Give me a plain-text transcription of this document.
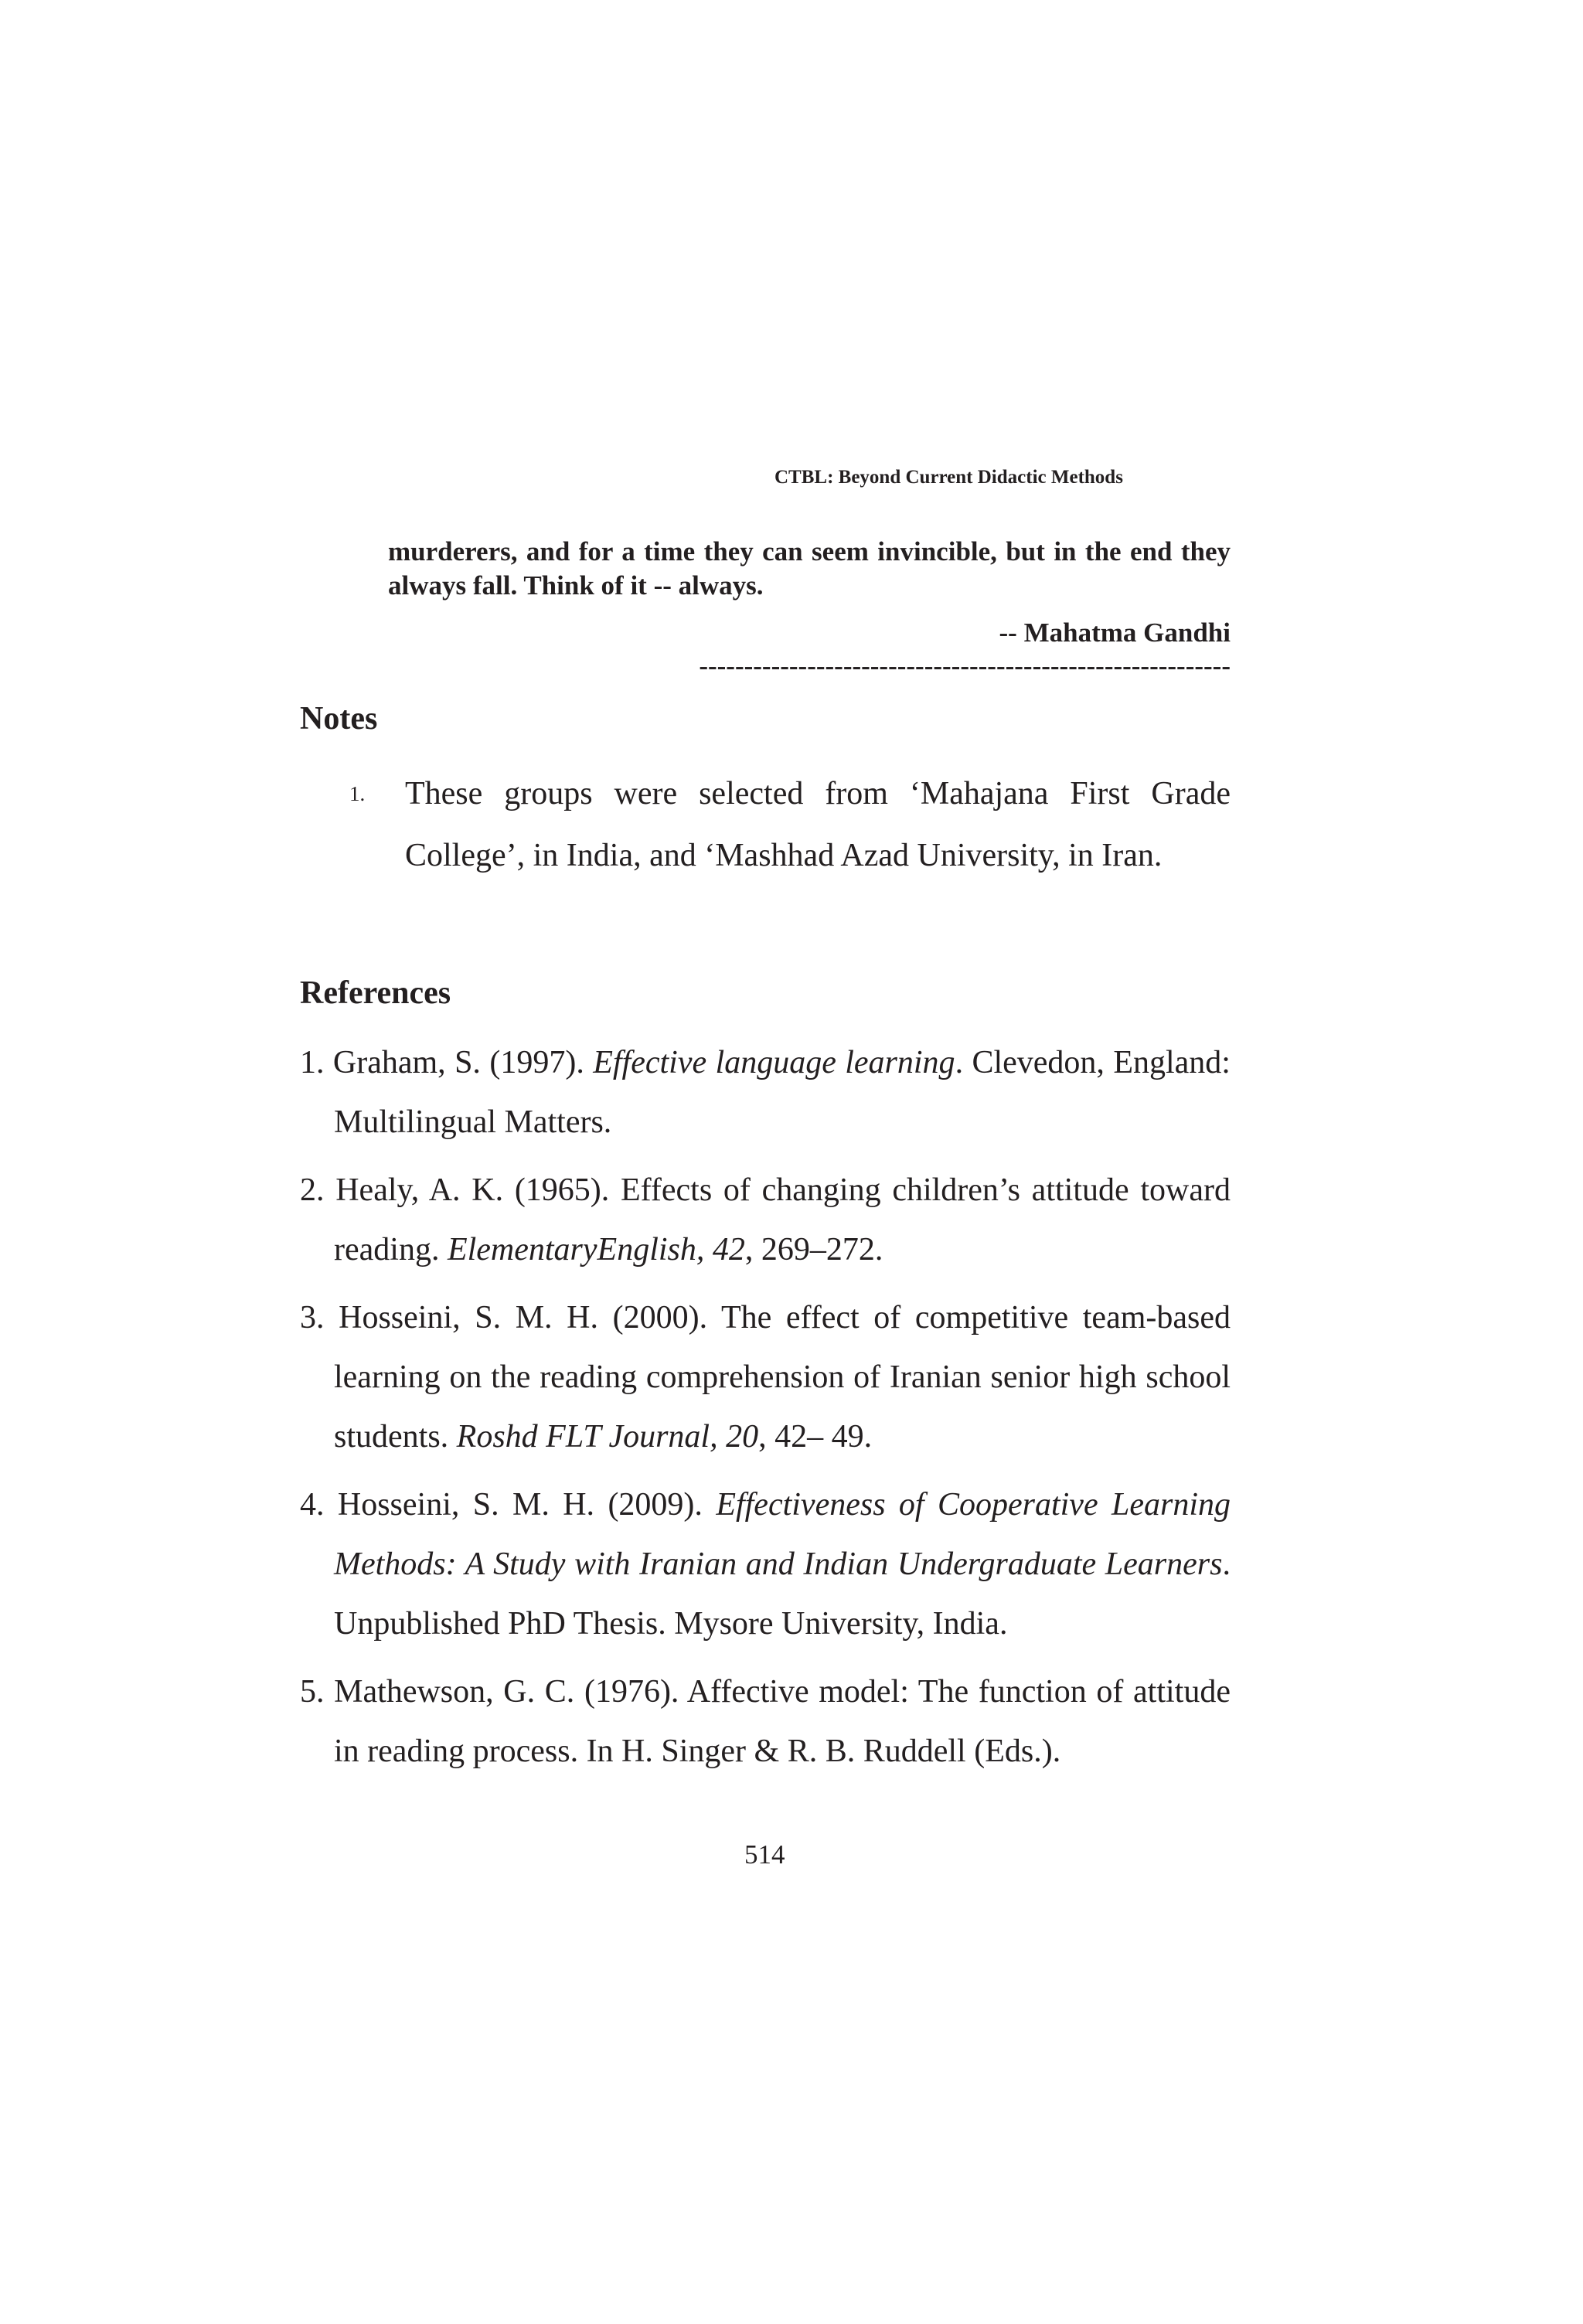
CTBL: Beyond Current Didactic Methods

murderers, and for a time they can seem invincible, but in the end they always fall. Think of it -- always.

-- Mahatma Gandhi

-----------------------------------------------------------

Notes
1.	These groups were selected from ‘Mahajana First Grade College’, in India, and ‘Mashhad Azad University, in Iran.
References

1. Graham, S. (1997). Effective language learning. Clevedon, England: Multilingual Matters.

2. Healy, A. K. (1965). Effects of changing children’s attitude toward reading. ElementaryEnglish, 42, 269–272.

3. Hosseini, S. M. H. (2000). The effect of competitive team-based learning on the reading comprehension of Iranian senior high school students. Roshd FLT Journal, 20, 42– 49.

4. Hosseini, S. M. H. (2009). Effectiveness of Cooperative Learning Methods: A Study with Iranian and Indian Undergraduate Learners. Unpublished PhD Thesis. Mysore University, India.

5. Mathewson, G. C. (1976). Affective model: The function of attitude in reading process. In H. Singer & R. B. Ruddell (Eds.).

514
